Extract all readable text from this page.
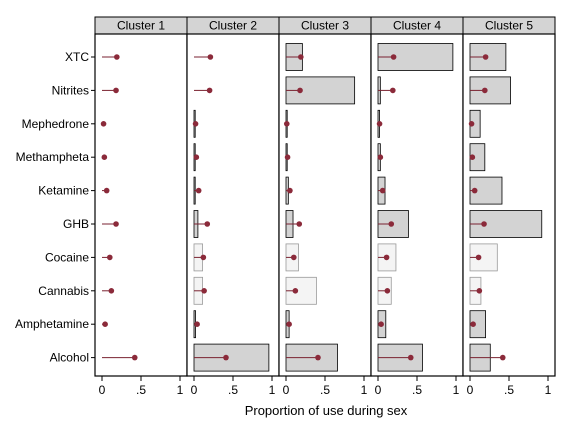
Cluster 1
0	.5	1
Cluster 2
0	.5	1
Cluster 3
0	.5	1
Cluster 4
0	.5	1
Cluster 5
0	.5	1
XTC
Nitrites
Mephedrone
Methampheta
Ketamine
GHB
Cocaine
Cannabis
Amphetamine
Alcohol
Proportion of use during sex
